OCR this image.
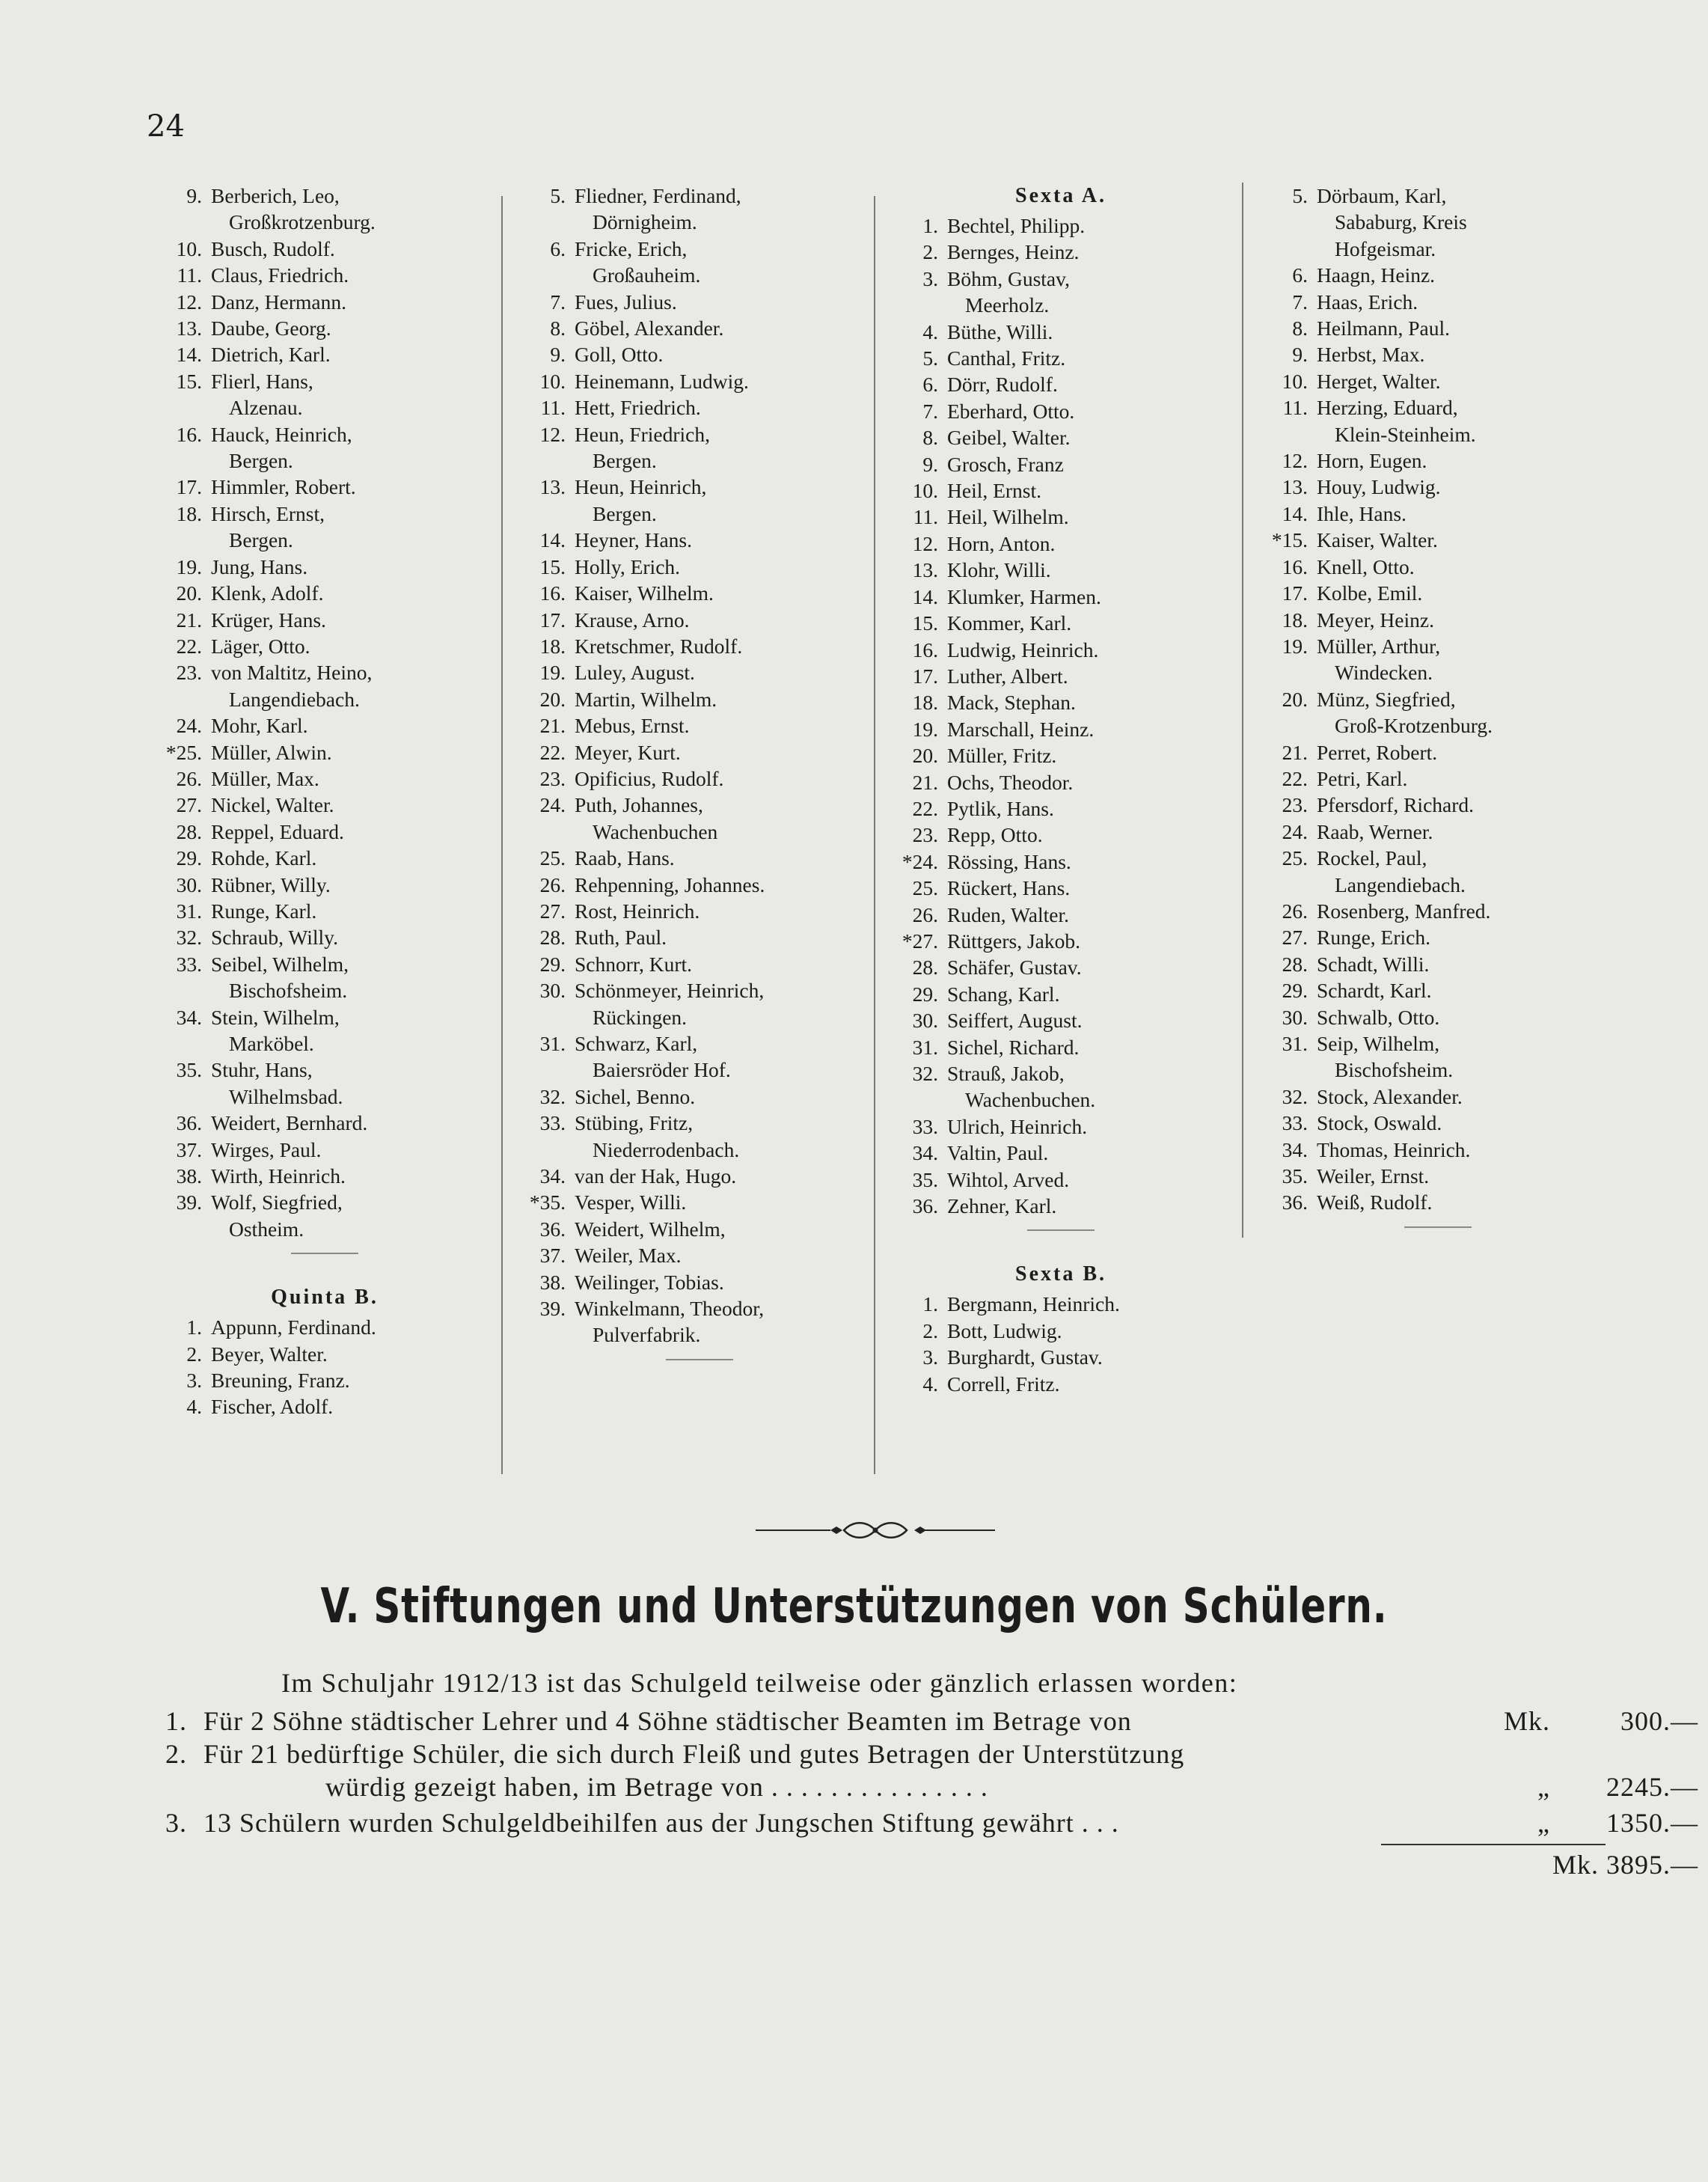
24
9. Berberich, Leo,
Großkrotzenburg.
10. Busch, Rudolf.
11. Claus, Friedrich.
12. Danz, Hermann.
13. Daube, Georg.
14. Dietrich, Karl.
15. Flierl, Hans,
Alzenau.
16. Hauck, Heinrich,
Bergen.
17. Himmler, Robert.
18. Hirsch, Ernst,
Bergen.
19. Jung, Hans.
20. Klenk, Adolf.
21. Krüger, Hans.
22. Läger, Otto.
23. von Maltitz, Heino,
Langendiebach.
24. Mohr, Karl.
*25. Müller, Alwin.
26. Müller, Max.
27. Nickel, Walter.
28. Reppel, Eduard.
29. Rohde, Karl.
30. Rübner, Willy.
31. Runge, Karl.
32. Schraub, Willy.
33. Seibel, Wilhelm,
Bischofsheim.
34. Stein, Wilhelm,
Marköbel.
35. Stuhr, Hans,
Wilhelmsbad.
36. Weidert, Bernhard.
37. Wirges, Paul.
38. Wirth, Heinrich.
39. Wolf, Siegfried,
Ostheim.
Quinta B.
1. Appunn, Ferdinand.
2. Beyer, Walter.
3. Breuning, Franz.
4. Fischer, Adolf.
5. Fliedner, Ferdinand,
Dörnigheim.
6. Fricke, Erich,
Großauheim.
7. Fues, Julius.
8. Göbel, Alexander.
9. Goll, Otto.
10. Heinemann, Ludwig.
11. Hett, Friedrich.
12. Heun, Friedrich,
Bergen.
13. Heun, Heinrich,
Bergen.
14. Heyner, Hans.
15. Holly, Erich.
16. Kaiser, Wilhelm.
17. Krause, Arno.
18. Kretschmer, Rudolf.
19. Luley, August.
20. Martin, Wilhelm.
21. Mebus, Ernst.
22. Meyer, Kurt.
23. Opificius, Rudolf.
24. Puth, Johannes,
Wachenbuchen
25. Raab, Hans.
26. Rehpenning, Johannes.
27. Rost, Heinrich.
28. Ruth, Paul.
29. Schnorr, Kurt.
30. Schönmeyer, Heinrich,
Rückingen.
31. Schwarz, Karl,
Baiersröder Hof.
32. Sichel, Benno.
33. Stübing, Fritz,
Niederrodenbach.
34. van der Hak, Hugo.
*35. Vesper, Willi.
36. Weidert, Wilhelm,
37. Weiler, Max.
38. Weilinger, Tobias.
39. Winkelmann, Theodor,
Pulverfabrik.
Sexta A.
1. Bechtel, Philipp.
2. Bernges, Heinz.
3. Böhm, Gustav,
Meerholz.
4. Büthe, Willi.
5. Canthal, Fritz.
6. Dörr, Rudolf.
7. Eberhard, Otto.
8. Geibel, Walter.
9. Grosch, Franz
10. Heil, Ernst.
11. Heil, Wilhelm.
12. Horn, Anton.
13. Klohr, Willi.
14. Klumker, Harmen.
15. Kommer, Karl.
16. Ludwig, Heinrich.
17. Luther, Albert.
18. Mack, Stephan.
19. Marschall, Heinz.
20. Müller, Fritz.
21. Ochs, Theodor.
22. Pytlik, Hans.
23. Repp, Otto.
*24. Rössing, Hans.
25. Rückert, Hans.
26. Ruden, Walter.
*27. Rüttgers, Jakob.
28. Schäfer, Gustav.
29. Schang, Karl.
30. Seiffert, August.
31. Sichel, Richard.
32. Strauß, Jakob,
Wachenbuchen.
33. Ulrich, Heinrich.
34. Valtin, Paul.
35. Wihtol, Arved.
36. Zehner, Karl.
Sexta B.
1. Bergmann, Heinrich.
2. Bott, Ludwig.
3. Burghardt, Gustav.
4. Correll, Fritz.
5. Dörbaum, Karl,
Sababurg, Kreis
Hofgeismar.
6. Haagn, Heinz.
7. Haas, Erich.
8. Heilmann, Paul.
9. Herbst, Max.
10. Herget, Walter.
11. Herzing, Eduard,
Klein-Steinheim.
12. Horn, Eugen.
13. Houy, Ludwig.
14. Ihle, Hans.
*15. Kaiser, Walter.
16. Knell, Otto.
17. Kolbe, Emil.
18. Meyer, Heinz.
19. Müller, Arthur,
Windecken.
20. Münz, Siegfried,
Groß-Krotzenburg.
21. Perret, Robert.
22. Petri, Karl.
23. Pfersdorf, Richard.
24. Raab, Werner.
25. Rockel, Paul,
Langendiebach.
26. Rosenberg, Manfred.
27. Runge, Erich.
28. Schadt, Willi.
29. Schardt, Karl.
30. Schwalb, Otto.
31. Seip, Wilhelm,
Bischofsheim.
32. Stock, Alexander.
33. Stock, Oswald.
34. Thomas, Heinrich.
35. Weiler, Ernst.
36. Weiß, Rudolf.
V. Stiftungen und Unterstützungen von Schülern.
Im Schuljahr 1912/13 ist das Schulgeld teilweise oder gänzlich erlassen worden:
1. Für 2 Söhne städtischer Lehrer und 4 Söhne städtischer Beamten im Betrage von	Mk.	300.—
2. Für 21 bedürftige Schüler, die sich durch Fleiß und gutes Betragen der Unterstützung
würdig gezeigt haben, im Betrage von . . . . . . . . . . . . . . .	„	2245.—
3. 13 Schülern wurden Schulgeldbeihilfen aus der Jungschen Stiftung gewährt . . .	„	1350.—
Mk. 3895.—
